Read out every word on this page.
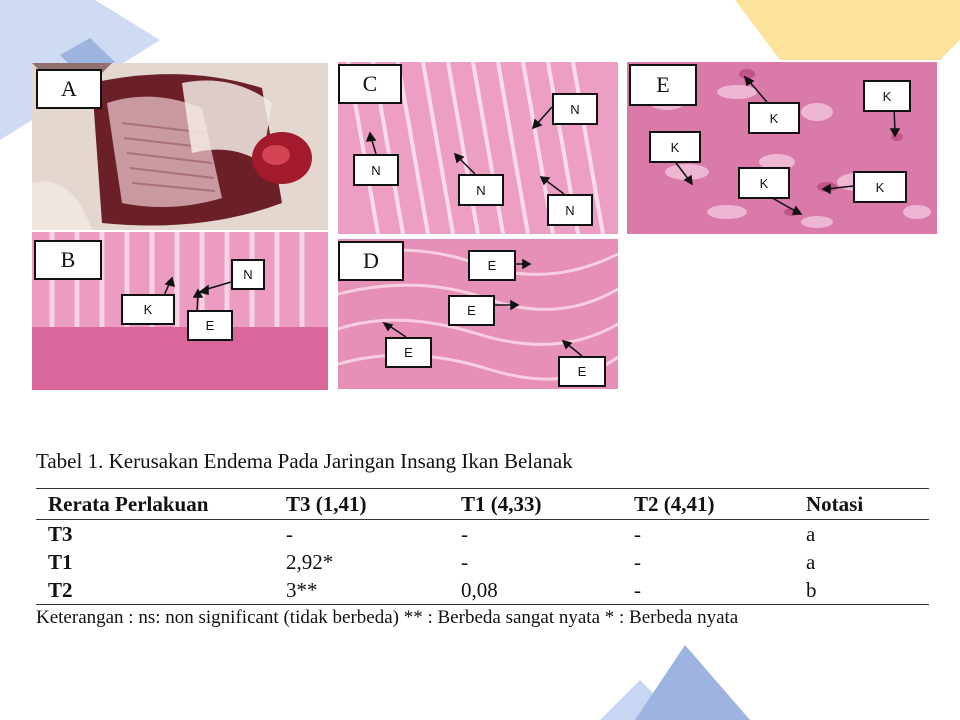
A
B
N
K
E
C
N
N
N
N
D	E
E
E
E
E
K
K
K
K	K
Tabel 1. Kerusakan Endema Pada Jaringan Insang Ikan Belanak
Rerata Perlakuan	T3 (1,41)	T1 (4,33)	T2 (4,41)	Notasi
T3	-	-	-	a
T1	2,92*	-	-	a
T2	3**	0,08	-	b
Keterangan : ns: non significant (tidak berbeda) ** : Berbeda sangat nyata * : Berbeda nyata
